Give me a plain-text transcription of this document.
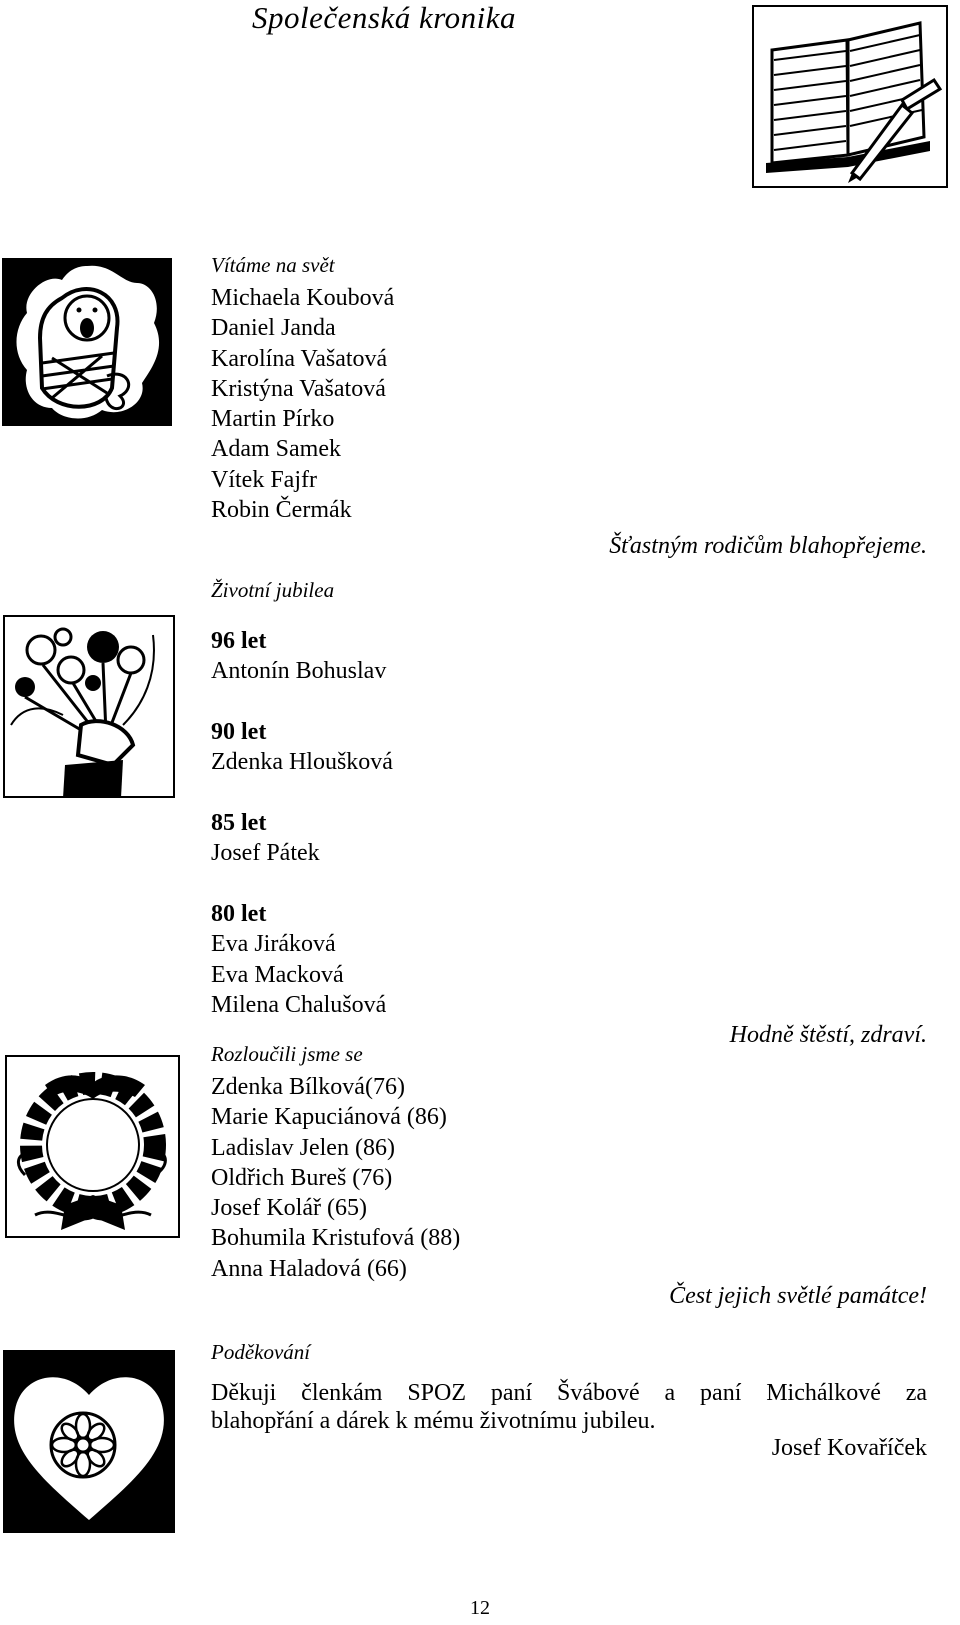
Společenská kronika
Vítáme na svět
Michaela Koubová
Daniel Janda
Karolína Vašatová
Kristýna Vašatová
Martin Pírko
Adam Samek
Vítek Fajfr
Robin Čermák
Šťastným rodičům blahopřejeme.
Životní jubilea
96 let
Antonín Bohuslav
90 let
Zdenka Hloušková
85 let
Josef Pátek
80 let
Eva Jiráková
Eva Macková
Milena Chalušová
Hodně štěstí, zdraví.
Rozloučili jsme se
Zdenka Bílková(76)
Marie Kapuciánová (86)
Ladislav Jelen (86)
Oldřich Bureš (76)
Josef Kolář (65)
Bohumila Kristufová (88)
Anna Haladová (66)
Čest jejich světlé památce!
Poděkování
Děkuji členkám SPOZ paní Švábové a paní Michálkové za
blahopřání a dárek k mému životnímu jubileu.
Josef Kovaříček
12
